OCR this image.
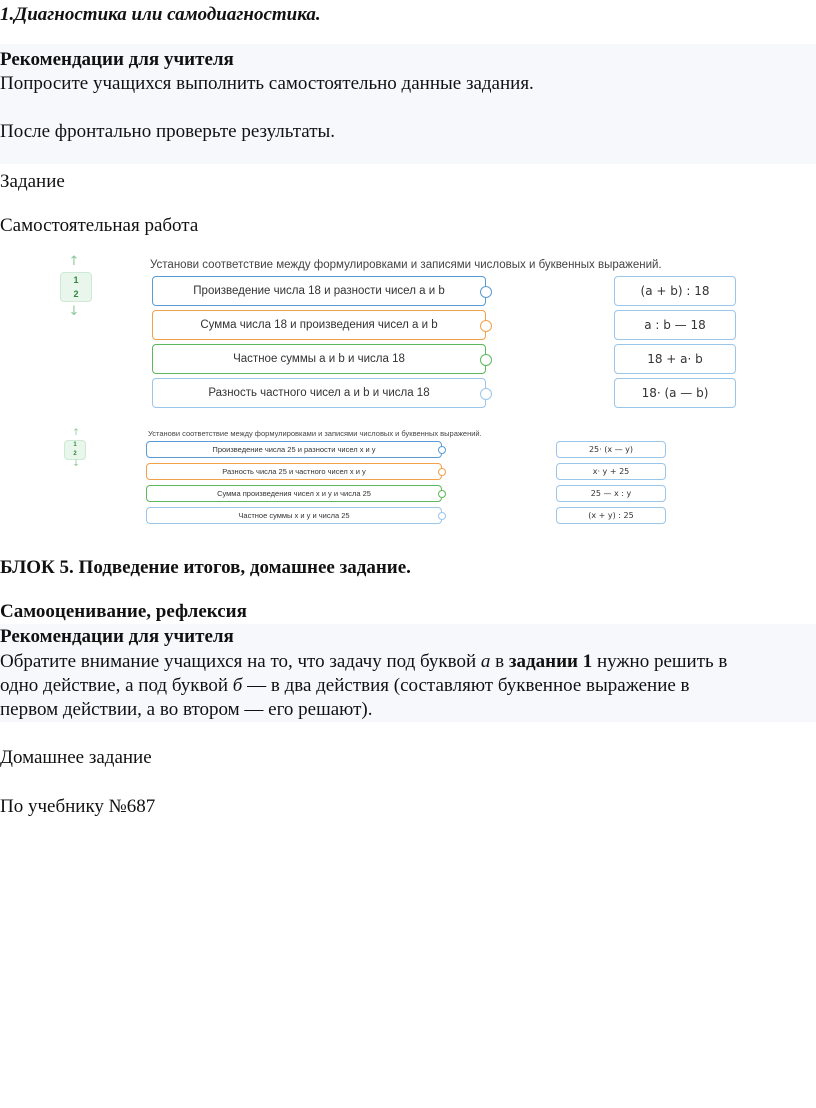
1.Диагностика или самодиагностика.
Рекомендации для учителя
Попросите учащихся выполнить самостоятельно данные задания.
После фронтально проверьте результаты.
Задание
Самостоятельная работа
↑
1
2
↓
Установи соответствие между формулировками и записями числовых и буквенных выражений.
Произведение числа 18 и разности чисел a и b
Сумма числа 18 и произведения чисел a и b
Частное суммы a и b и числа 18
Разность частного чисел a и b и числа 18
(a + b) : 18
a : b — 18
18 + a· b
18· (a — b)
↑
1
2
↓
Установи соответствие между формулировками и записями числовых и буквенных выражений.
Произведение числа 25 и разности чисел x и y
Разность числа 25 и частного чисел x и y
Сумма произведения чисел x и y и числа 25
Частное суммы x и y и числа 25
25· (x — y)
x· y + 25
25 — x : y
(x + y) : 25
БЛОК 5. Подведение итогов, домашнее задание.
Самооценивание, рефлексия
Рекомендации для учителя
Обратите внимание учащихся на то, что задачу под буквой а в задании 1 нужно решить в
одно действие, а под буквой б — в два действия (составляют буквенное выражение в
первом действии, а во втором — его решают).
Домашнее задание
По учебнику №687
